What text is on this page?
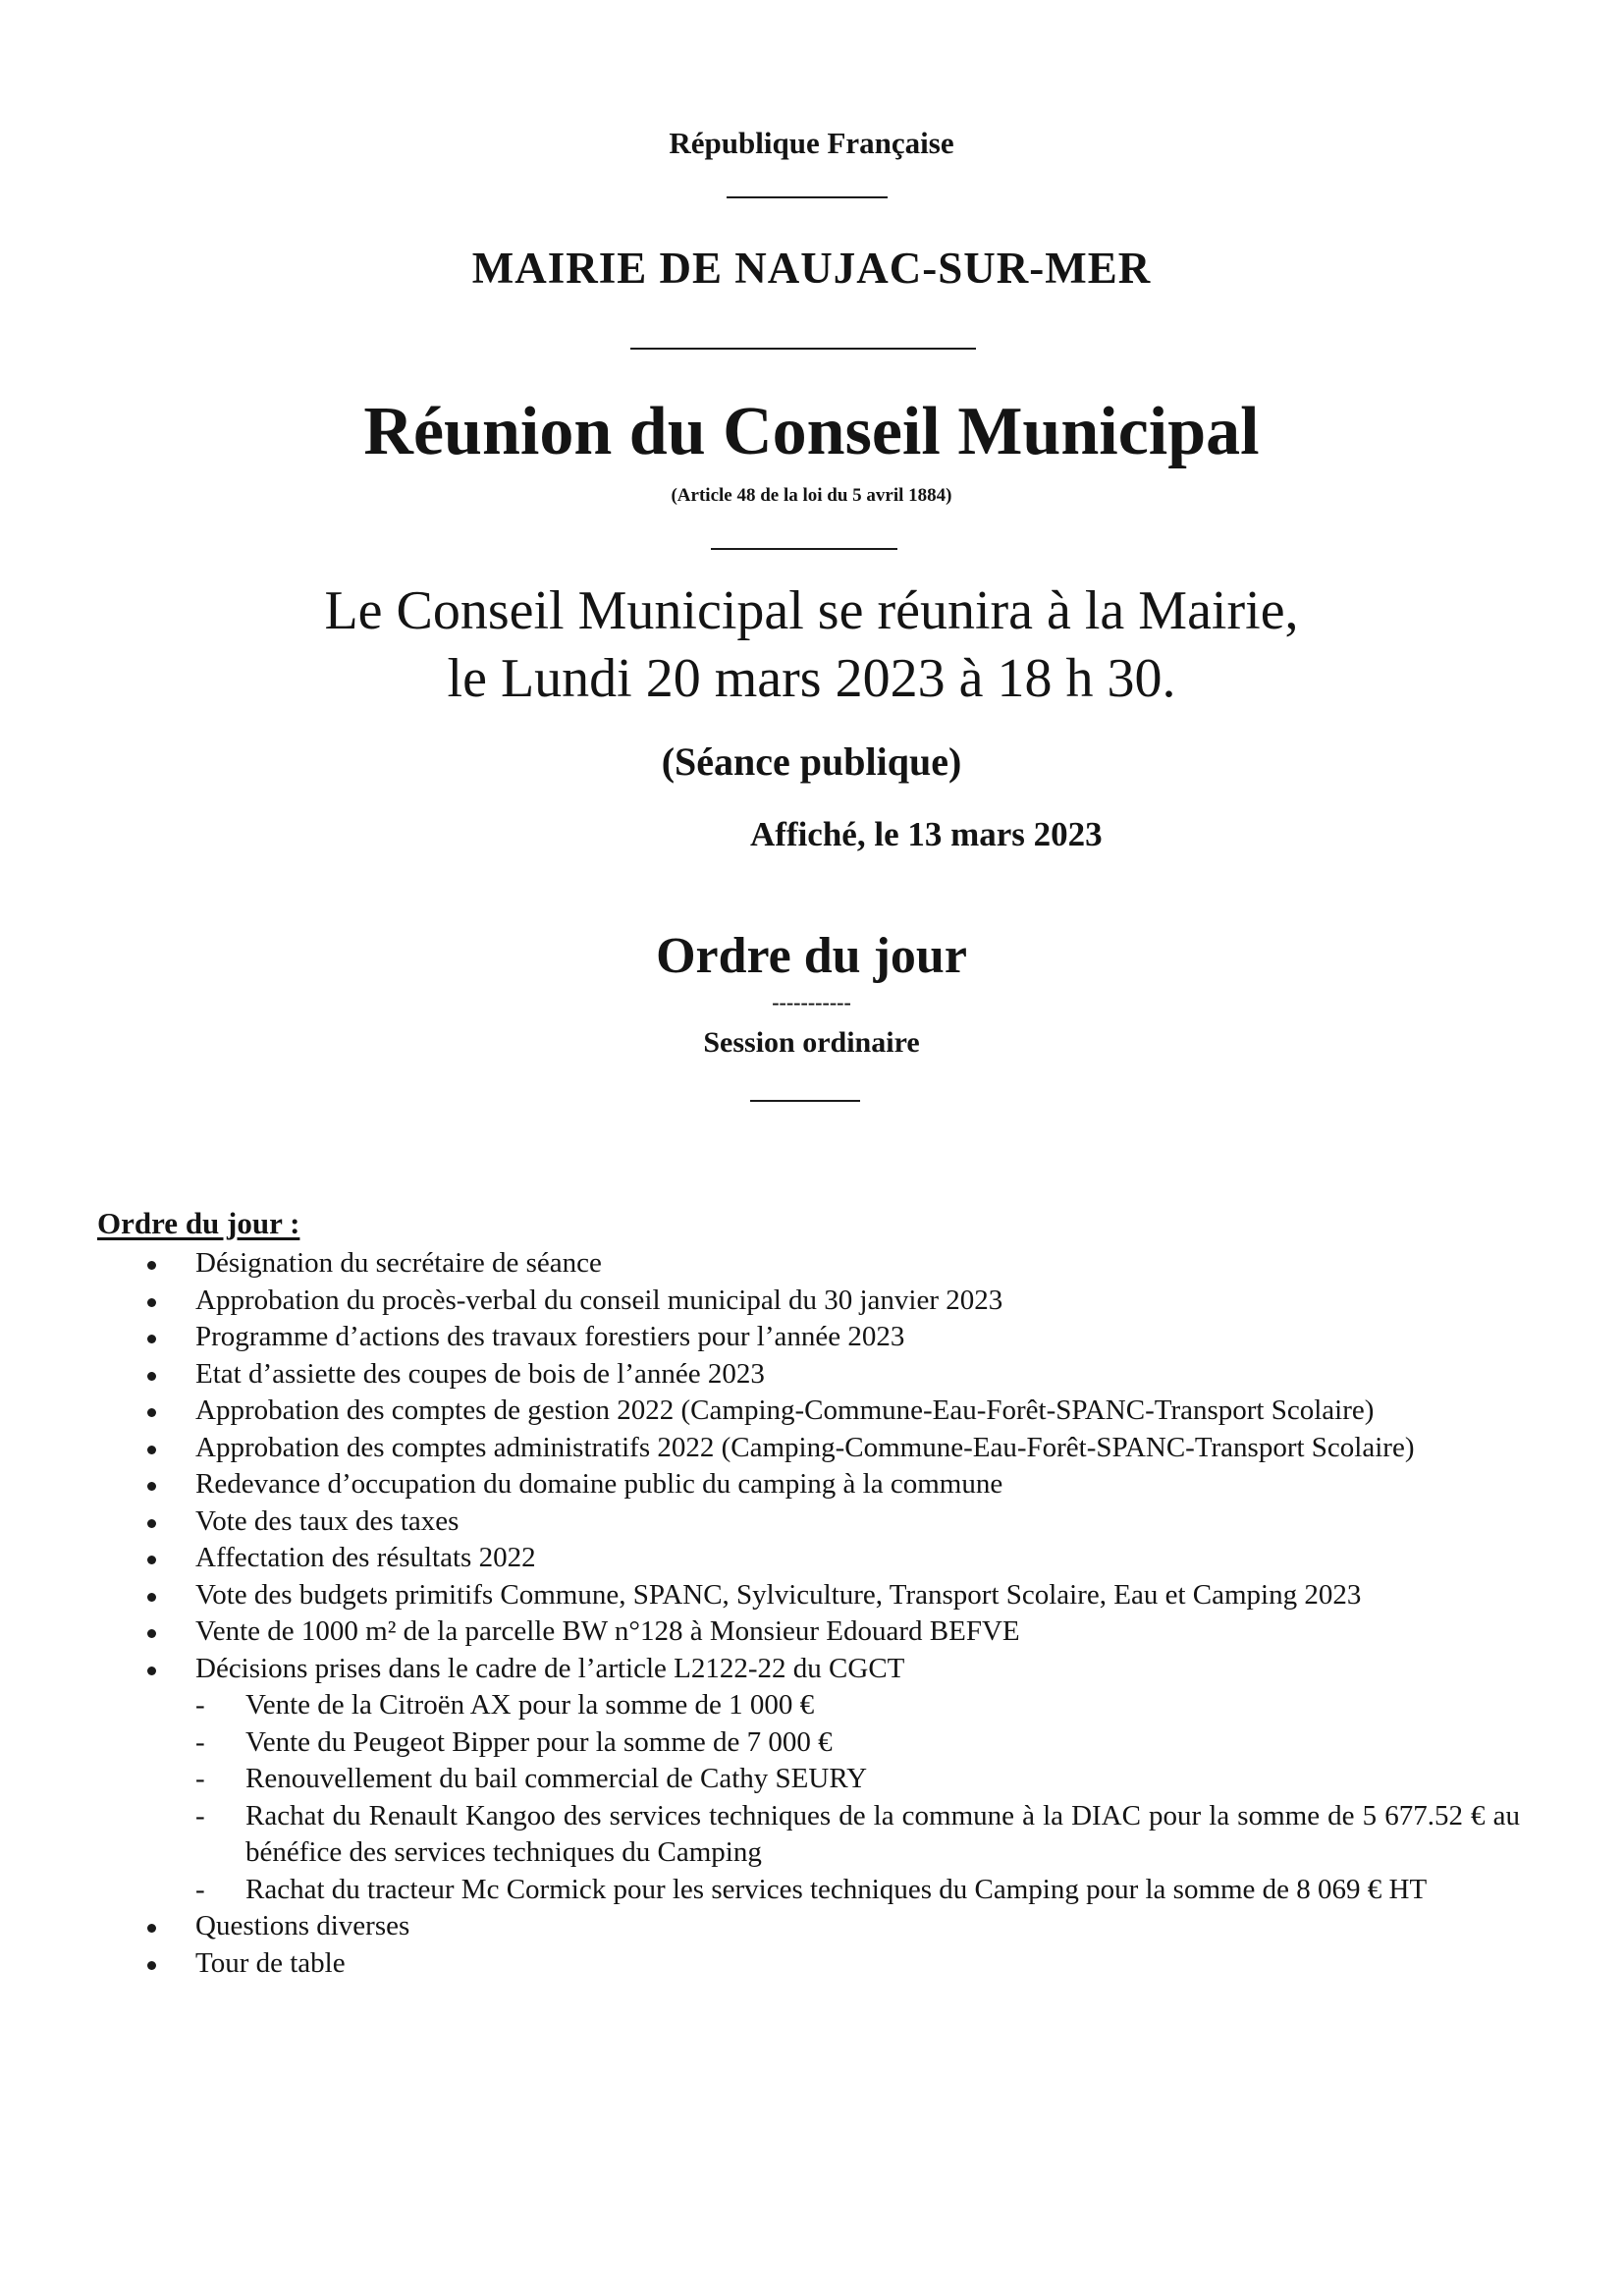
République Française
MAIRIE DE NAUJAC-SUR-MER
Réunion du Conseil Municipal
(Article 48 de la loi du 5 avril 1884)
Le Conseil Municipal se réunira à la Mairie,
le Lundi 20 mars 2023 à 18 h 30.
(Séance publique)
Affiché, le 13 mars 2023
Ordre du jour
-----------
Session ordinaire
Ordre du jour :
Désignation du secrétaire de séance
Approbation du procès-verbal du conseil municipal du 30 janvier 2023
Programme d’actions des travaux forestiers pour l’année 2023
Etat d’assiette des coupes de bois de l’année 2023
Approbation des comptes de gestion 2022 (Camping-Commune-Eau-Forêt-SPANC-Transport Scolaire)
Approbation des comptes administratifs 2022 (Camping-Commune-Eau-Forêt-SPANC-Transport Scolaire)
Redevance d’occupation du domaine public du camping à la commune
Vote des taux des taxes
Affectation des résultats 2022
Vote des budgets primitifs Commune, SPANC, Sylviculture, Transport Scolaire, Eau et Camping 2023
Vente de 1000 m² de la parcelle BW n°128 à Monsieur Edouard BEFVE
Décisions prises dans le cadre de l’article L2122-22 du CGCT
- Vente de la Citroën AX pour la somme de 1 000 €
- Vente du Peugeot Bipper pour la somme de 7 000 €
- Renouvellement du bail commercial de Cathy SEURY
- Rachat du Renault Kangoo des services techniques de la commune à la DIAC pour la somme de 5 677.52 € au bénéfice des services techniques du Camping
- Rachat du tracteur Mc Cormick pour les services techniques du Camping pour la somme de 8 069 € HT
Questions diverses
Tour de table
